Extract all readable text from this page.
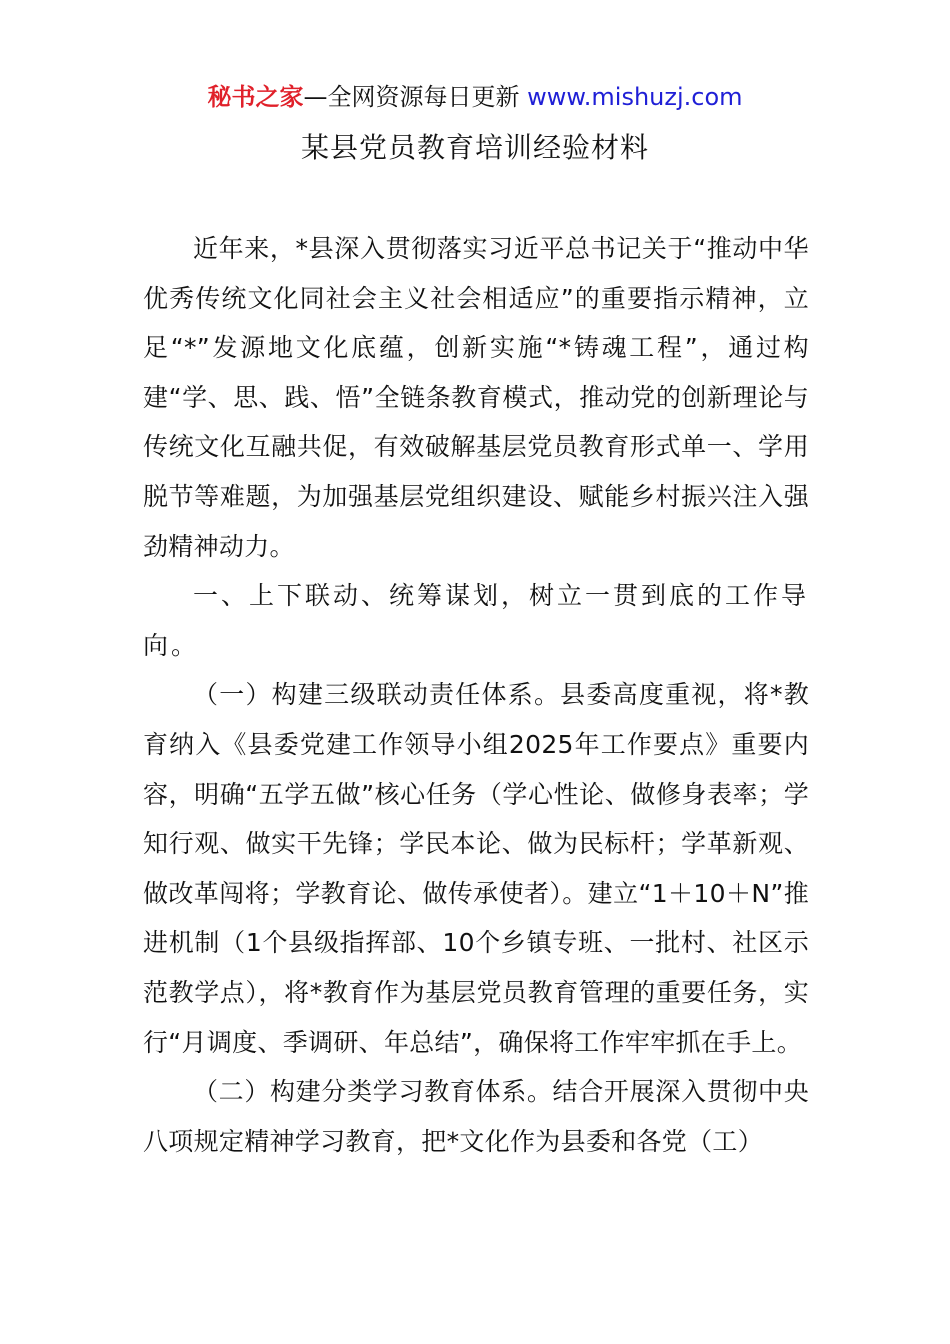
秘书之家—全网资源每日更新 www.mishuzj.com
某县党员教育培训经验材料

近年来，*县深入贯彻落实习近平总书记关于“推动中华优秀传统文化同社会主义社会相适应”的重要指示精神，立足“*”发源地文化底蕴，创新实施“*铸魂工程”，通过构建“学、思、践、悟”全链条教育模式，推动党的创新理论与传统文化互融共促，有效破解基层党员教育形式单一、学用脱节等难题，为加强基层党组织建设、赋能乡村振兴注入强劲精神动力。

一、上下联动、统筹谋划，树立一贯到底的工作导向。

（一）构建三级联动责任体系。县委高度重视，将*教育纳入《县委党建工作领导小组2025年工作要点》重要内容，明确“五学五做”核心任务（学心性论、做修身表率；学知行观、做实干先锋；学民本论、做为民标杆；学革新观、做改革闯将；学教育论、做传承使者）。建立“1＋10＋N”推进机制（1个县级指挥部、10个乡镇专班、一批村、社区示范教学点），将*教育作为基层党员教育管理的重要任务，实行“月调度、季调研、年总结”，确保将工作牢牢抓在手上。

（二）构建分类学习教育体系。结合开展深入贯彻中央八项规定精神学习教育，把*文化作为县委和各党（工）
